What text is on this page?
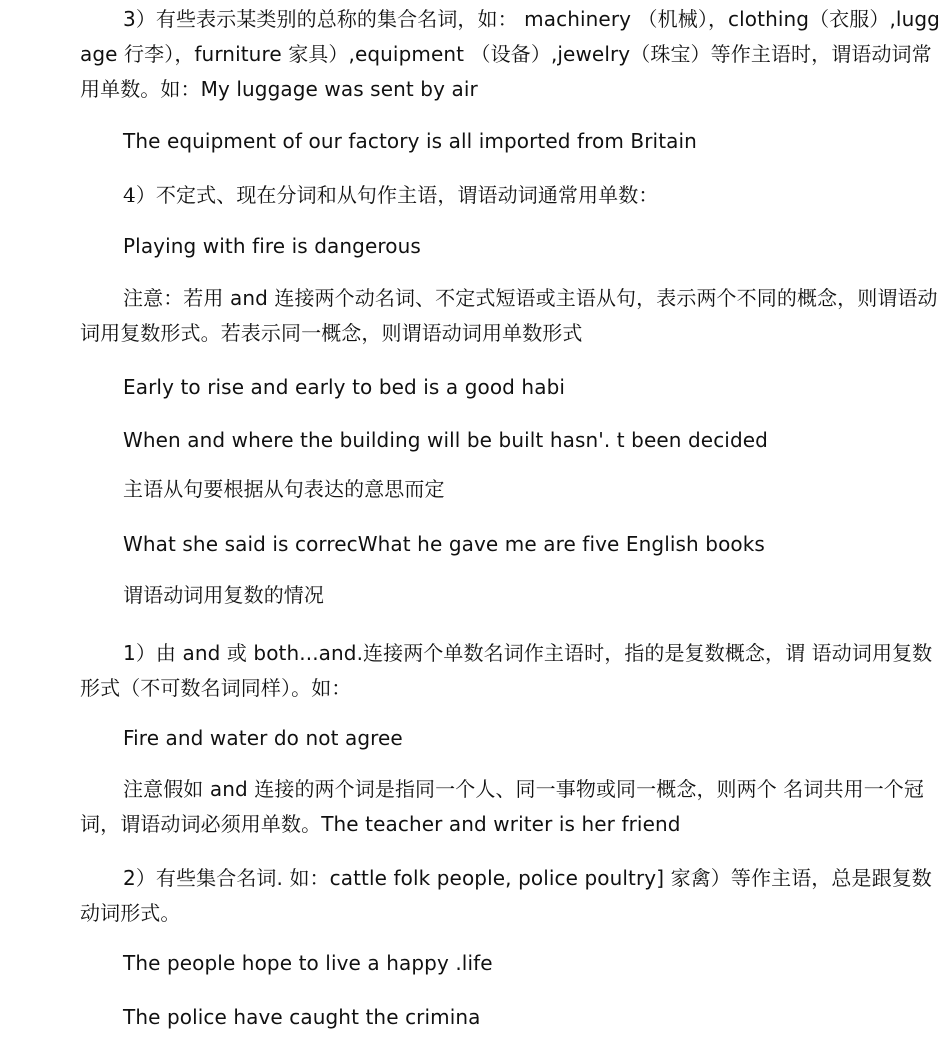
3）有些表示某类别的总称的集合名词，如： machinery （机械），clothing（衣服）,luggage 行李），furniture 家具）,equipment （设备）,jewelry（珠宝）等作主语时，谓语动词常用单数。如：My luggage was sent by air

The equipment of our factory is all imported from Britain

4）不定式、现在分词和从句作主语，谓语动词通常用单数：

Playing with fire is dangerous

注意：若用 and 连接两个动名词、不定式短语或主语从句，表示两个不同的概念，则谓语动词用复数形式。若表示同一概念，则谓语动词用单数形式

Early to rise and early to bed is a good habi

When and where the building will be built hasn'. t been decided

主语从句要根据从句表达的意思而定

What she said is correcWhat he gave me are five English books

谓语动词用复数的情况

1）由 and 或 both...and.连接两个单数名词作主语时，指的是复数概念，谓 语动词用复数形式（不可数名词同样）。如：

Fire and water do not agree

注意假如 and 连接的两个词是指同一个人、同一事物或同一概念，则两个 名词共用一个冠词，谓语动词必须用单数。The teacher and writer is her friend

2）有些集合名词. 如：cattle folk people, police poultry] 家禽）等作主语，总是跟复数动词形式。

The people hope to live a happy .life

The police have caught the crimina
